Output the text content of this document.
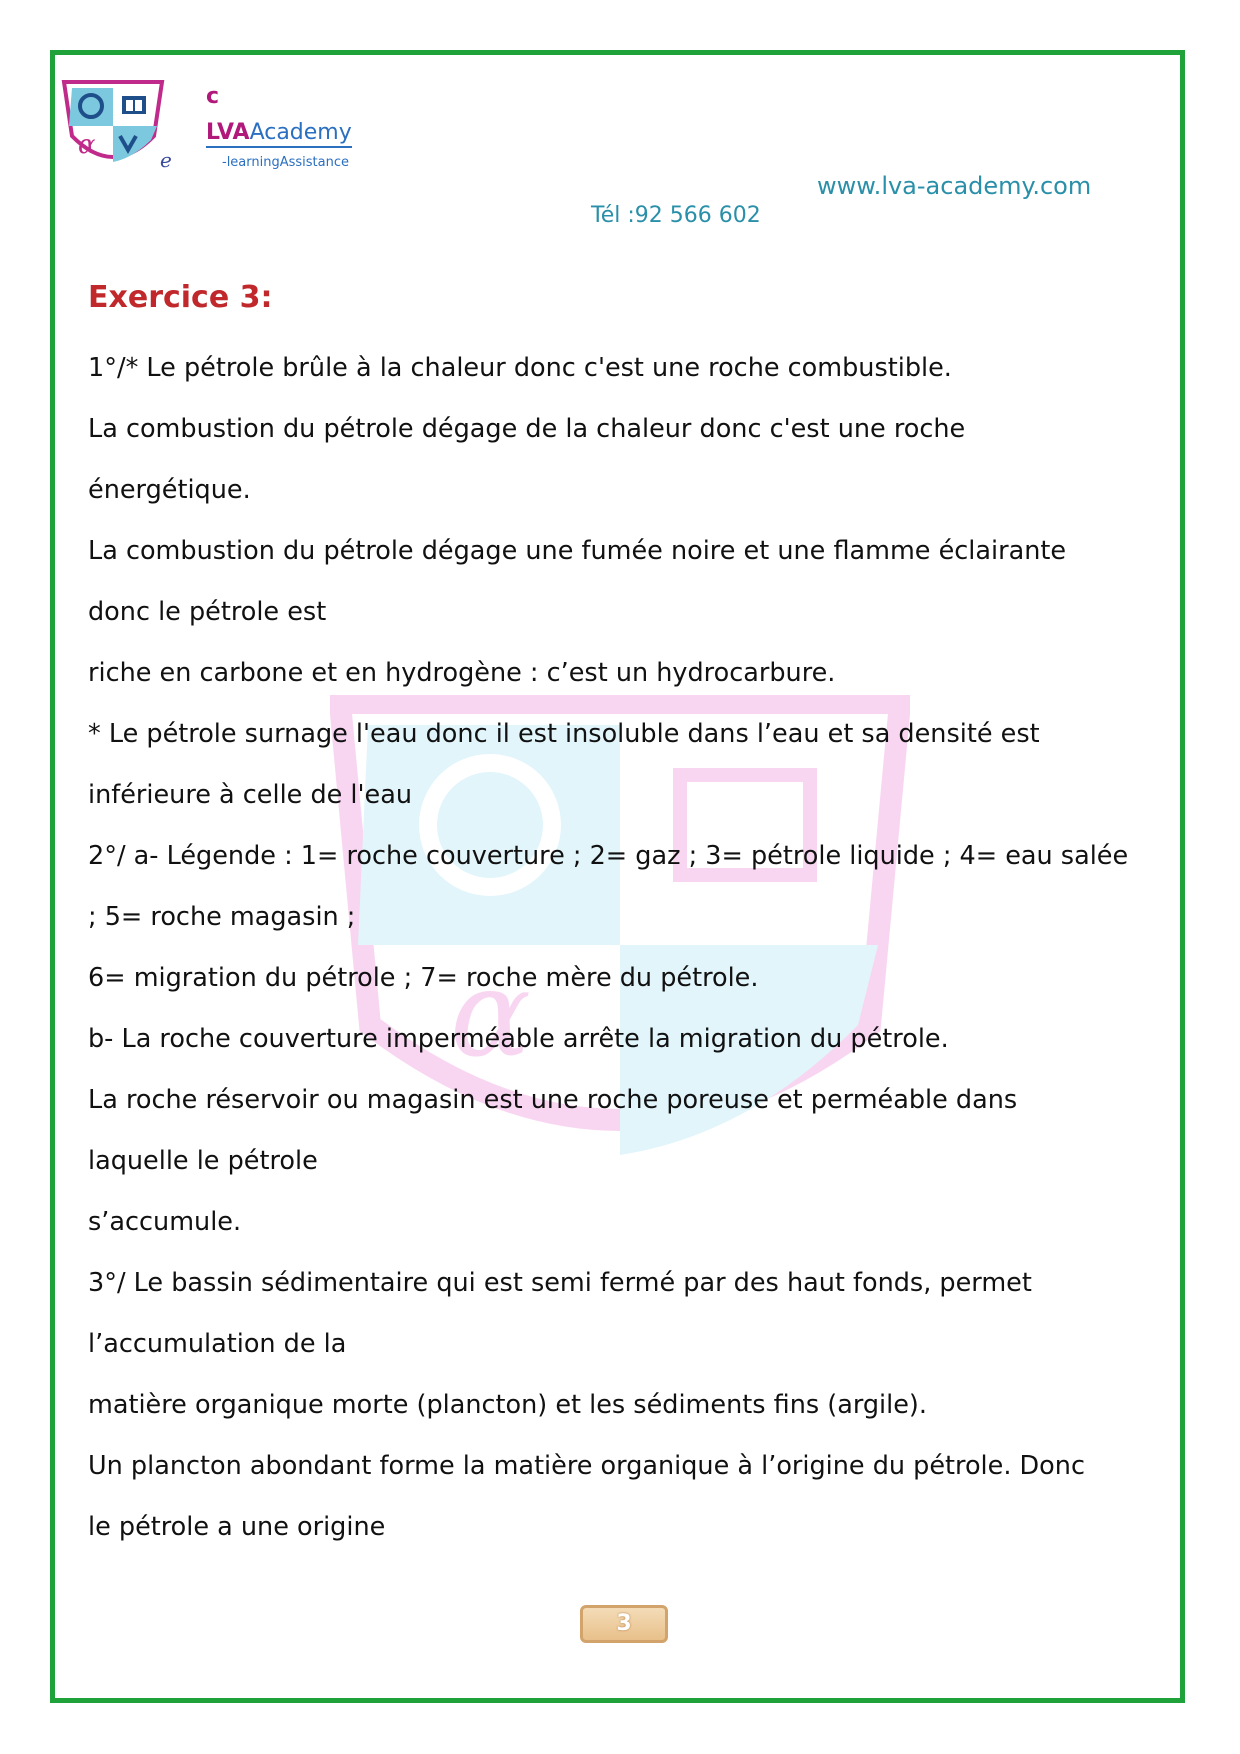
α	e
c
LVAAcademy
-learningAssistance
www.lva-academy.com
Tél :92 566 602
α
Exercice 3:
1°/* Le pétrole brûle à la chaleur donc c'est une roche combustible.
La combustion du pétrole dégage de la chaleur donc c'est une roche
énergétique.
La combustion du pétrole dégage une fumée noire et une flamme éclairante
donc le pétrole est
riche en carbone et en hydrogène : c’est un hydrocarbure.
* Le pétrole surnage l'eau donc il est insoluble dans l’eau et sa densité est
inférieure à celle de l'eau
2°/ a- Légende : 1= roche couverture ; 2= gaz ; 3= pétrole liquide ; 4= eau salée
; 5= roche magasin ;
6= migration du pétrole ; 7= roche mère du pétrole.
b- La roche couverture imperméable arrête la migration du pétrole.
La roche réservoir ou magasin est une roche poreuse et perméable dans
laquelle le pétrole
s’accumule.
3°/ Le bassin sédimentaire qui est semi fermé par des haut fonds, permet
l’accumulation de la
matière organique morte (plancton) et les sédiments fins (argile).
Un plancton abondant forme la matière organique à l’origine du pétrole. Donc
le pétrole a une origine
3
